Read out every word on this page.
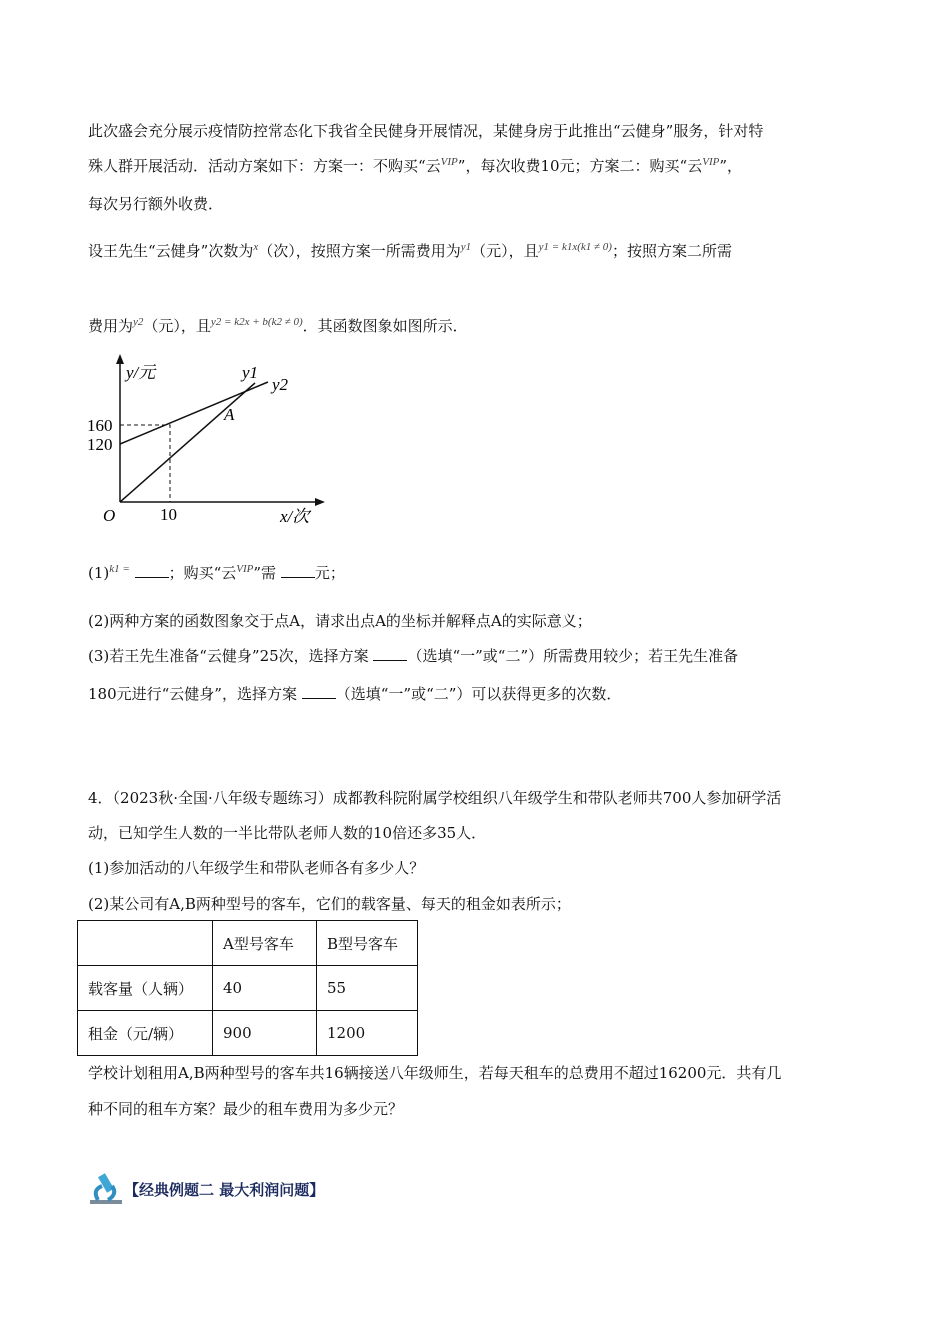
此次盛会充分展示疫情防控常态化下我省全民健身开展情况，某健身房于此推出“云健身”服务，针对特
殊人群开展活动．活动方案如下：方案一：不购买“云$^{VIP}$”，每次收费10元；方案二：购买“云$^{VIP}$”，
每次另行额外收费．
设王先生“云健身”次数为$^x$（次），按照方案一所需费用为$^{y1}$（元），且$^{y1 = k1x(k1 \ne 0)}$；按照方案二所需
费用为$^{y2}$（元），且$^{y2 = k2x + b(k2 \ne 0)}$．其函数图象如图所示．
y/元
x/次
O
160
120
10
A
y1
y2
$(1)^{k1 =}$	；购买“云$^{VIP}$”需	元；
(2)两种方案的函数图象交于点A，请求出点A的坐标并解释点A的实际意义；
(3)若王先生准备“云健身”25次，选择方案	（选填“一”或“二”）所需费用较少；若王先生准备
180元进行“云健身”，选择方案	（选填“一”或“二”）可以获得更多的次数．
4．（2023秋·全国·八年级专题练习）成都教科院附属学校组织八年级学生和带队老师共700人参加研学活
动，已知学生人数的一半比带队老师人数的10倍还多35人．
(1)参加活动的八年级学生和带队老师各有多少人？
(2)某公司有A,B两种型号的客车，它们的载客量、每天的租金如表所示；
	A型号客车	B型号客车
载客量（人辆）	40	55
租金（元/辆）	900	1200
学校计划租用A,B两种型号的客车共16辆接送八年级师生，若每天租车的总费用不超过16200元．共有几
种不同的租车方案？最少的租车费用为多少元？
【经典例题二 最大利润问题】
